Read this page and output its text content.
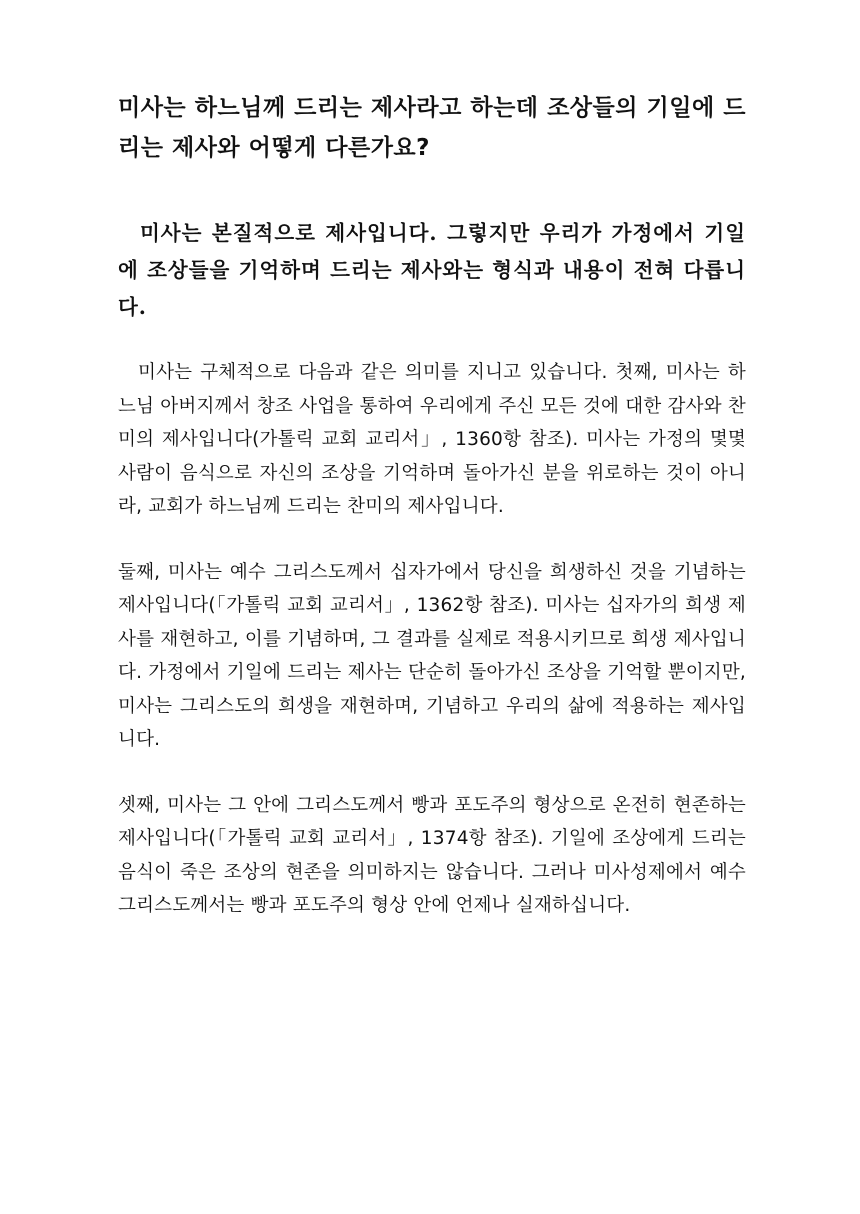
미사는 하느님께 드리는 제사라고 하는데 조상들의 기일에 드리는 제사와 어떻게 다른가요?

미사는 본질적으로 제사입니다. 그렇지만 우리가 가정에서 기일에 조상들을 기억하며 드리는 제사와는 형식과 내용이 전혀 다릅니다.

미사는 구체적으로 다음과 같은 의미를 지니고 있습니다. 첫째, 미사는 하느님 아버지께서 창조 사업을 통하여 우리에게 주신 모든 것에 대한 감사와 찬미의 제사입니다(가톨릭 교회 교리서」, 1360항 참조). 미사는 가정의 몇몇 사람이 음식으로 자신의 조상을 기억하며 돌아가신 분을 위로하는 것이 아니라, 교회가 하느님께 드리는 찬미의 제사입니다.

둘째, 미사는 예수 그리스도께서 십자가에서 당신을 희생하신 것을 기념하는 제사입니다(「가톨릭 교회 교리서」, 1362항 참조). 미사는 십자가의 희생 제사를 재현하고, 이를 기념하며, 그 결과를 실제로 적용시키므로 희생 제사입니다. 가정에서 기일에 드리는 제사는 단순히 돌아가신 조상을 기억할 뿐이지만, 미사는 그리스도의 희생을 재현하며, 기념하고 우리의 삶에 적용하는 제사입니다.

셋째, 미사는 그 안에 그리스도께서 빵과 포도주의 형상으로 온전히 현존하는 제사입니다(「가톨릭 교회 교리서」, 1374항 참조). 기일에 조상에게 드리는 음식이 죽은 조상의 현존을 의미하지는 않습니다. 그러나 미사성제에서 예수 그리스도께서는 빵과 포도주의 형상 안에 언제나 실재하십니다.
